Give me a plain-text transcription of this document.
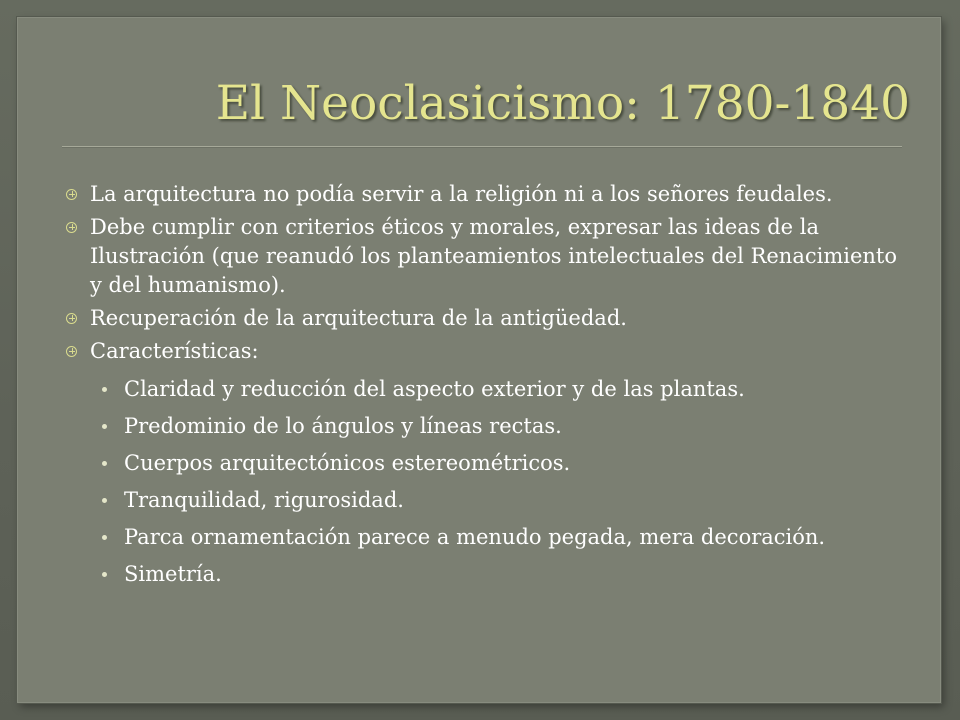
El Neoclasicismo: 1780-1840

La arquitectura no podía servir a la religión ni a los señores feudales.

Debe cumplir con criterios éticos y morales, expresar las ideas de la Ilustración (que reanudó los planteamientos intelectuales del Renacimiento y del humanismo).

Recuperación de la arquitectura de la antigüedad.

Características:

Claridad y reducción del aspecto exterior y de las plantas.

Predominio de lo ángulos y líneas rectas.

Cuerpos arquitectónicos estereométricos.

Tranquilidad, rigurosidad.

Parca ornamentación parece a menudo pegada, mera decoración.

Simetría.
